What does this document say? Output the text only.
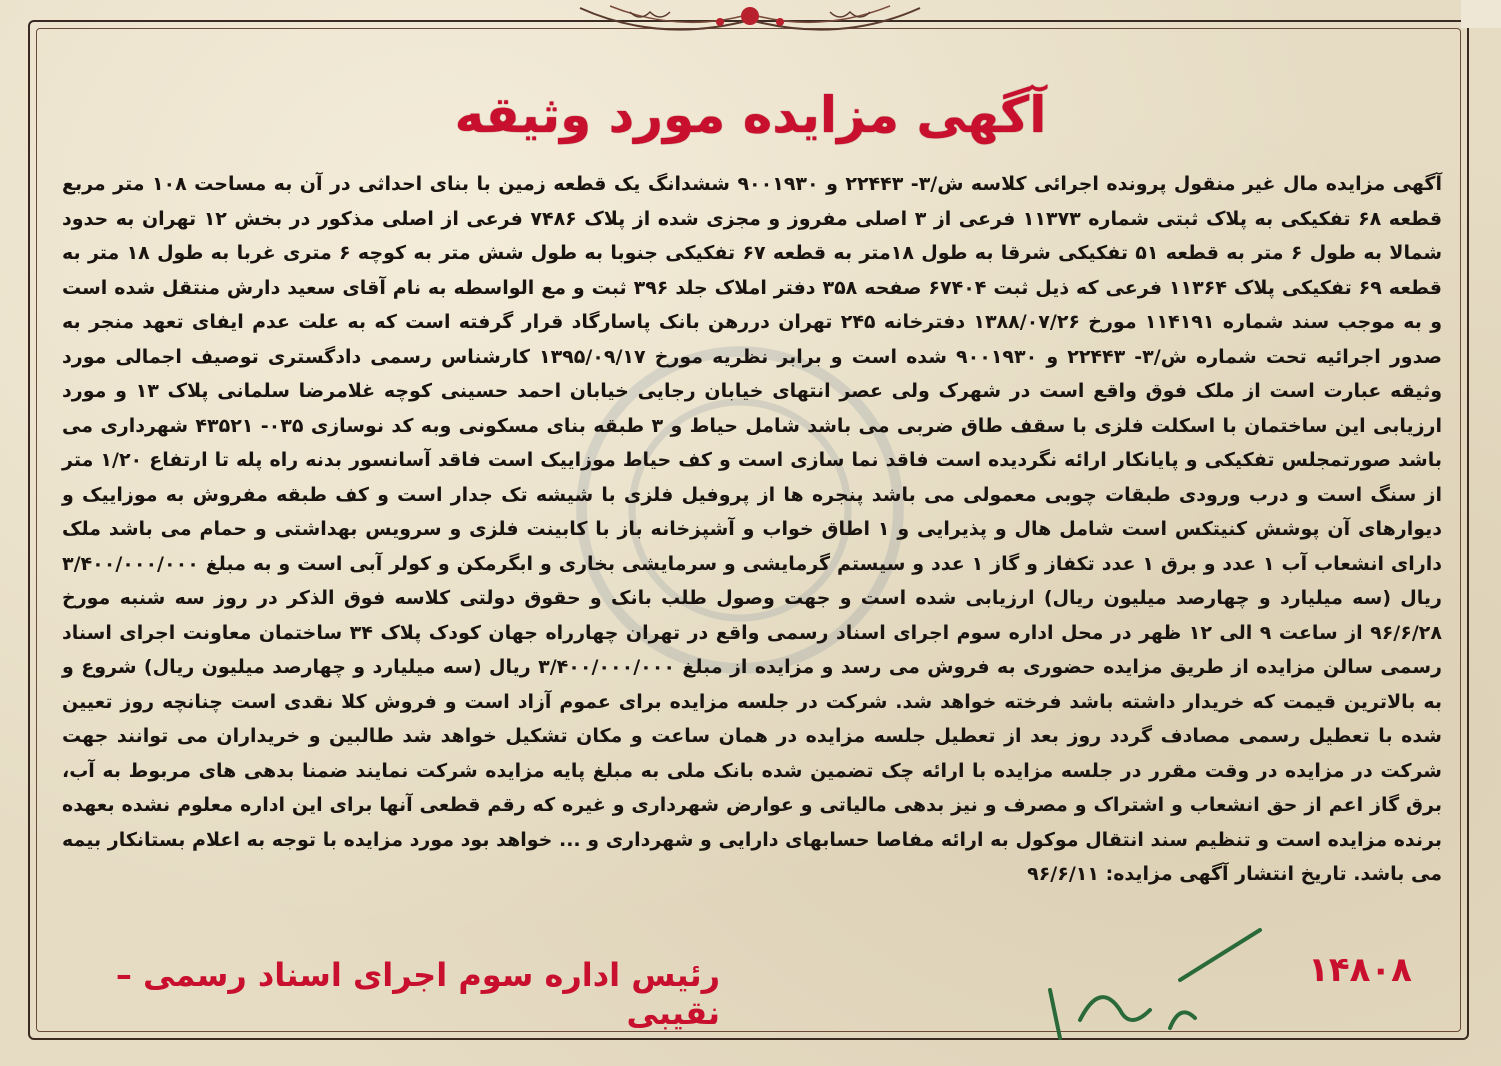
آگهی مزایده مورد وثیقه

آگهی مزایده مال غیر منقول پرونده اجرائی کلاسه ش/۳- ۲۲۴۴۳ و ۹۰۰۱۹۳۰ ششدانگ یک قطعه زمین با بنای احداثی در آن به مساحت ۱۰۸ متر مربع قطعه ۶۸ تفکیکی به پلاک ثبتی شماره ۱۱۳۷۳ فرعی از ۳ اصلی مفروز و مجزی شده از پلاک ۷۴۸۶ فرعی از اصلی مذکور در بخش ۱۲ تهران به حدود شمالا به طول ۶ متر به قطعه ۵۱ تفکیکی شرقا به طول ۱۸متر به قطعه ۶۷ تفکیکی جنوبا به طول شش متر به کوچه ۶ متری غربا به طول ۱۸ متر به قطعه ۶۹ تفکیکی پلاک ۱۱۳۶۴ فرعی که ذیل ثبت ۶۷۴۰۴ صفحه ۳۵۸ دفتر املاک جلد ۳۹۶ ثبت و مع الواسطه به نام آقای سعید دارش منتقل شده است و به موجب سند شماره ۱۱۴۱۹۱ مورخ ۱۳۸۸/۰۷/۲۶ دفترخانه ۲۴۵ تهران دررهن بانک پاسارگاد قرار گرفته است که به علت عدم ایفای تعهد منجر به صدور اجرائیه تحت شماره ش/۳- ۲۲۴۴۳ و ۹۰۰۱۹۳۰ شده است و برابر نظریه مورخ ۱۳۹۵/۰۹/۱۷ کارشناس رسمی دادگستری توصیف اجمالی مورد وثیقه عبارت است از ملک فوق واقع است در شهرک ولی عصر انتهای خیابان رجایی خیابان احمد حسینی کوچه غلامرضا سلمانی پلاک ۱۳ و مورد ارزیابی این ساختمان با اسکلت فلزی با سقف طاق ضربی می باشد شامل حیاط و ۳ طبقه بنای مسکونی وبه کد نوسازی ۰۳۵- ۴۳۵۲۱ شهرداری می باشد صورتمجلس تفکیکی و پایانکار ارائه نگردیده است فاقد نما سازی است و کف حیاط موزاییک است فاقد آسانسور بدنه راه پله تا ارتفاع ۱/۲۰ متر از سنگ است و درب ورودی طبقات چوبی معمولی می باشد پنجره ها از پروفیل فلزی با شیشه تک جدار است و کف طبقه مفروش به موزاییک و دیوارهای آن پوشش کنیتکس است شامل هال و پذیرایی و ۱ اطاق خواب و آشپزخانه باز با کابینت فلزی و سرویس بهداشتی و حمام می باشد ملک دارای انشعاب آب ۱ عدد و برق ۱ عدد تکفاز و گاز ۱ عدد و سیستم گرمایشی و سرمایشی بخاری و ابگرمکن و کولر آبی است و به مبلغ ۳/۴۰۰/۰۰۰/۰۰۰ ریال (سه میلیارد و چهارصد میلیون ریال) ارزیابی شده است و جهت وصول طلب بانک و حقوق دولتی کلاسه فوق الذکر در روز سه شنبه مورخ ۹۶/۶/۲۸ از ساعت ۹ الی ۱۲ ظهر در محل اداره سوم اجرای اسناد رسمی واقع در تهران چهارراه جهان کودک پلاک ۳۴ ساختمان معاونت اجرای اسناد رسمی سالن مزایده از طریق مزایده حضوری به فروش می رسد و مزایده از مبلغ ۳/۴۰۰/۰۰۰/۰۰۰ ریال (سه میلیارد و چهارصد میلیون ریال) شروع و به بالاترین قیمت که خریدار داشته باشد فرخته خواهد شد. شرکت در جلسه مزایده برای عموم آزاد است و فروش کلا نقدی است چنانچه روز تعیین شده با تعطیل رسمی مصادف گردد روز بعد از تعطیل جلسه مزایده در همان ساعت و مکان تشکیل خواهد شد طالبین و خریداران می توانند جهت شرکت در مزایده در وقت مقرر در جلسه مزایده با ارائه چک تضمین شده بانک ملی به مبلغ پایه مزایده شرکت نمایند ضمنا بدهی های مربوط به آب، برق گاز اعم از حق انشعاب و اشتراک و مصرف و نیز بدهی مالیاتی و عوارض شهرداری و غیره که رقم قطعی آنها برای این اداره معلوم نشده بعهده برنده مزایده است و تنظیم سند انتقال موکول به ارائه مفاصا حسابهای دارایی و شهرداری و ... خواهد بود مورد مزایده با توجه به اعلام بستانکار بیمه می باشد. تاریخ انتشار آگهی مزایده: ۹۶/۶/۱۱

۱۴۸۰۸
رئیس اداره سوم اجرای اسناد رسمی – نقیبی
